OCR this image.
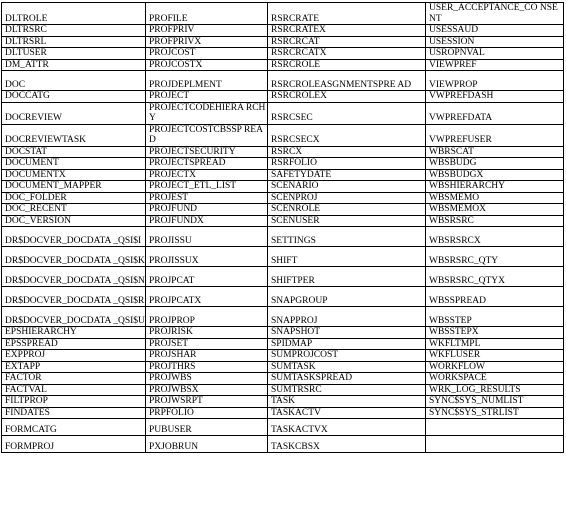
DLTROLE	PROFILE	RSRCRATE	USER_ACCEPTANCE_CO NSENT
DLTRSRC	PROFPRIV	RSRCRATEX	USESSAUD
DLTRSRL	PROFPRIVX	RSRCRCAT	USESSION
DLTUSER	PROJCOST	RSRCRCATX	USROPNVAL
DM_ATTR	PROJCOSTX	RSRCROLE	VIEWPREF
DOC	PROJDEPLMENT	RSRCROLEASGNMENTSPRE AD	VIEWPROP
DOCCATG	PROJECT	RSRCROLEX	VWPREFDASH
DOCREVIEW	PROJECTCODEHIERA RCHY	RSRCSEC	VWPREFDATA
DOCREVIEWTASK	PROJECTCOSTCBSSP READ	RSRCSECX	VWPREFUSER
DOCSTAT	PROJECTSECURITY	RSRCX	WBRSCAT
DOCUMENT	PROJECTSPREAD	RSRFOLIO	WBSBUDG
DOCUMENTX	PROJECTX	SAFETYDATE	WBSBUDGX
DOCUMENT_MAPPER	PROJECT_ETL_LIST	SCENARIO	WBSHIERARCHY
DOC_FOLDER	PROJEST	SCENPROJ	WBSMEMO
DOC_RECENT	PROJFUND	SCENROLE	WBSMEMOX
DOC_VERSION	PROJFUNDX	SCENUSER	WBSRSRC
DR$DOCVER_DOCDATA _QSI$I	PROJISSU	SETTINGS	WBSRSRCX
DR$DOCVER_DOCDATA _QSI$K	PROJISSUX	SHIFT	WBSRSRC_QTY
DR$DOCVER_DOCDATA _QSI$N	PROJPCAT	SHIFTPER	WBSRSRC_QTYX
DR$DOCVER_DOCDATA _QSI$R	PROJPCATX	SNAPGROUP	WBSSPREAD
DR$DOCVER_DOCDATA _QSI$U	PROJPROP	SNAPPROJ	WBSSTEP
EPSHIERARCHY	PROJRISK	SNAPSHOT	WBSSTEPX
EPSSPREAD	PROJSET	SPIDMAP	WKFLTMPL
EXPPROJ	PROJSHAR	SUMPROJCOST	WKFLUSER
EXTAPP	PROJTHRS	SUMTASK	WORKFLOW
FACTOR	PROJWBS	SUMTASKSPREAD	WORKSPACE
FACTVAL	PROJWBSX	SUMTRSRC	WRK_LOG_RESULTS
FILTPROP	PROJWSRPT	TASK	SYNC$SYS_NUMLIST
FINDATES	PRPFOLIO	TASKACTV	SYNC$SYS_STRLIST
FORMCATG	PUBUSER	TASKACTVX	
FORMPROJ	PXJOBRUN	TASKCBSX	
